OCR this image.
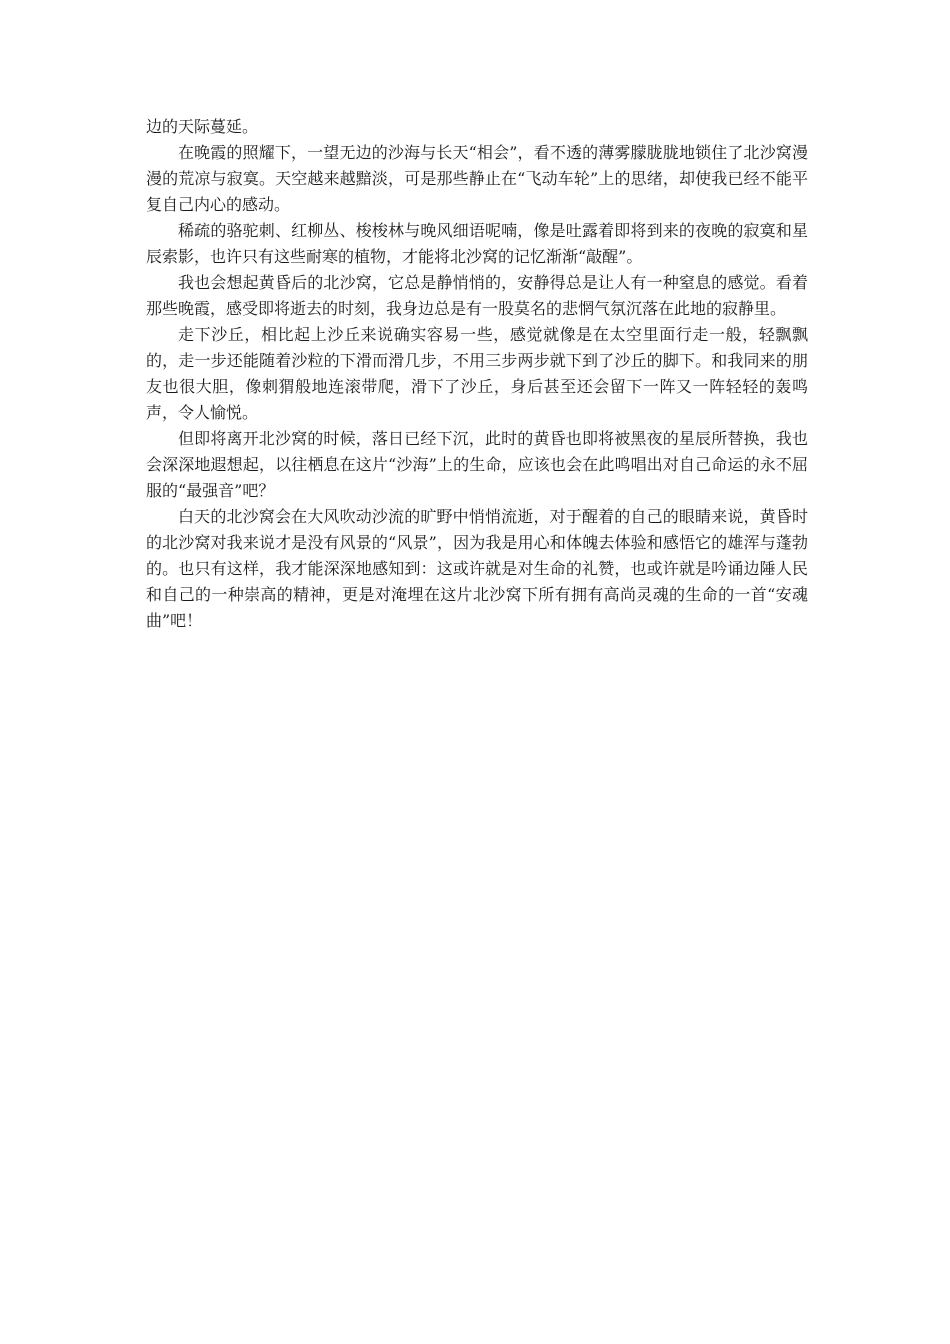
边的天际蔓延。

在晚霞的照耀下，一望无边的沙海与长天“相会”，看不透的薄雾朦胧胧地锁住了北沙窝漫漫的荒凉与寂寞。天空越来越黯淡，可是那些静止在“飞动车轮”上的思绪，却使我已经不能平复自己内心的感动。

稀疏的骆驼刺、红柳丛、梭梭林与晚风细语呢喃，像是吐露着即将到来的夜晚的寂寞和星辰索影，也许只有这些耐寒的植物，才能将北沙窝的记忆渐渐“敲醒”。

我也会想起黄昏后的北沙窝，它总是静悄悄的，安静得总是让人有一种窒息的感觉。看着那些晚霞，感受即将逝去的时刻，我身边总是有一股莫名的悲惘气氛沉落在此地的寂静里。

走下沙丘，相比起上沙丘来说确实容易一些，感觉就像是在太空里面行走一般，轻飘飘的，走一步还能随着沙粒的下滑而滑几步，不用三步两步就下到了沙丘的脚下。和我同来的朋友也很大胆，像刺猬般地连滚带爬，滑下了沙丘，身后甚至还会留下一阵又一阵轻轻的轰鸣声，令人愉悦。

但即将离开北沙窝的时候，落日已经下沉，此时的黄昏也即将被黑夜的星辰所替换，我也会深深地遐想起，以往栖息在这片“沙海”上的生命，应该也会在此鸣唱出对自己命运的永不屈服的“最强音”吧？

白天的北沙窝会在大风吹动沙流的旷野中悄悄流逝，对于醒着的自己的眼睛来说，黄昏时的北沙窝对我来说才是没有风景的“风景”，因为我是用心和体魄去体验和感悟它的雄浑与蓬勃的。也只有这样，我才能深深地感知到：这或许就是对生命的礼赞，也或许就是吟诵边陲人民和自己的一种崇高的精神，更是对淹埋在这片北沙窝下所有拥有高尚灵魂的生命的一首“安魂曲”吧！
